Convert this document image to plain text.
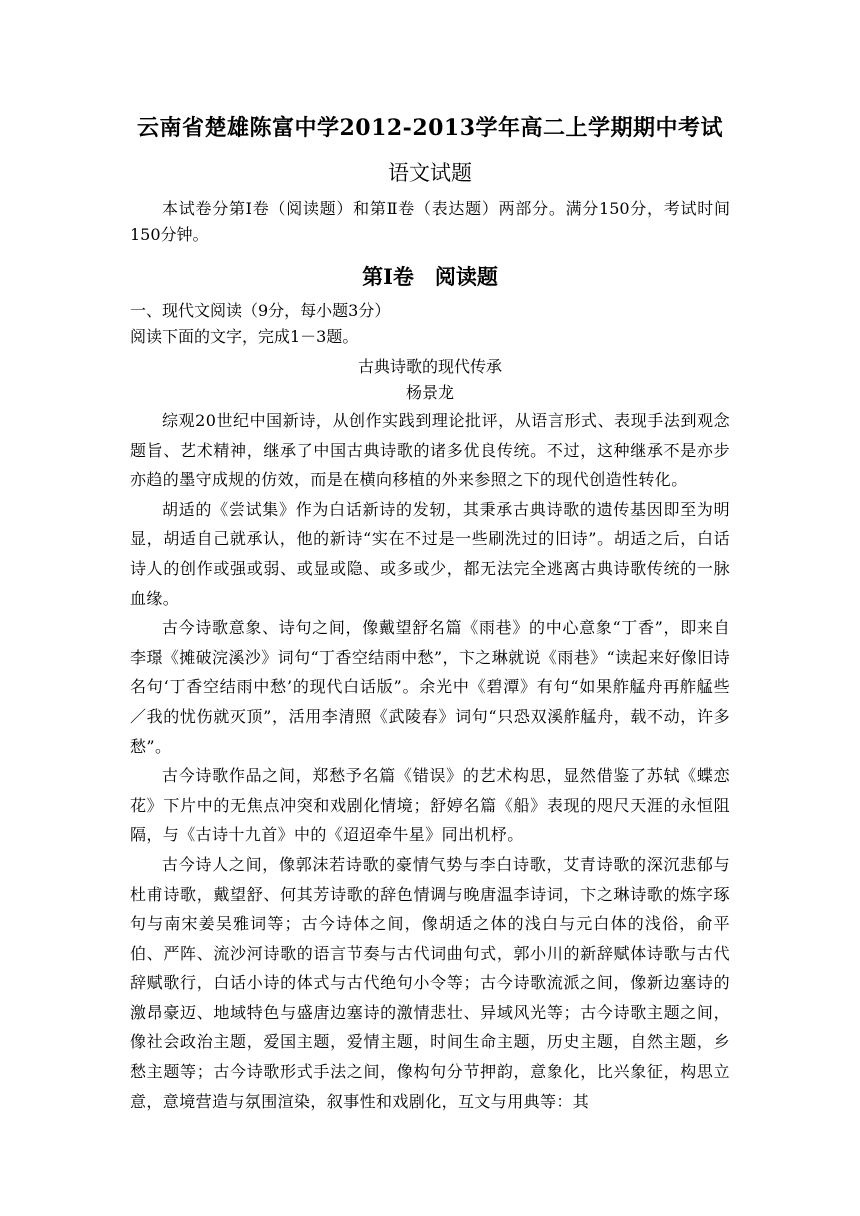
云南省楚雄陈富中学2012-2013学年高二上学期期中考试
语文试题

本试卷分第Ⅰ卷（阅读题）和第Ⅱ卷（表达题）两部分。满分150分，考试时间150分钟。

第Ⅰ卷　阅读题

一、现代文阅读（9分，每小题3分）

阅读下面的文字，完成1－3题。

古典诗歌的现代传承
杨景龙

综观20世纪中国新诗，从创作实践到理论批评，从语言形式、表现手法到观念题旨、艺术精神，继承了中国古典诗歌的诸多优良传统。不过，这种继承不是亦步亦趋的墨守成规的仿效，而是在横向移植的外来参照之下的现代创造性转化。

胡适的《尝试集》作为白话新诗的发轫，其秉承古典诗歌的遗传基因即至为明显，胡适自己就承认，他的新诗“实在不过是一些刷洗过的旧诗”。胡适之后，白话诗人的创作或强或弱、或显或隐、或多或少，都无法完全逃离古典诗歌传统的一脉血缘。

古今诗歌意象、诗句之间，像戴望舒名篇《雨巷》的中心意象“丁香”，即来自李璟《摊破浣溪沙》词句“丁香空结雨中愁”，卞之琳就说《雨巷》“读起来好像旧诗名句‘丁香空结雨中愁’的现代白话版”。余光中《碧潭》有句“如果舴艋舟再舴艋些／我的忧伤就灭顶”，活用李清照《武陵春》词句“只恐双溪舴艋舟，载不动，许多愁”。

古今诗歌作品之间，郑愁予名篇《错误》的艺术构思，显然借鉴了苏轼《蝶恋花》下片中的无焦点冲突和戏剧化情境；舒婷名篇《船》表现的咫尺天涯的永恒阻隔，与《古诗十九首》中的《迢迢牵牛星》同出机杼。

古今诗人之间，像郭沫若诗歌的豪情气势与李白诗歌，艾青诗歌的深沉悲郁与杜甫诗歌，戴望舒、何其芳诗歌的辞色情调与晚唐温李诗词，卞之琳诗歌的炼字琢句与南宋姜吴雅词等；古今诗体之间，像胡适之体的浅白与元白体的浅俗，俞平伯、严阵、流沙河诗歌的语言节奏与古代词曲句式，郭小川的新辞赋体诗歌与古代辞赋歌行，白话小诗的体式与古代绝句小令等；古今诗歌流派之间，像新边塞诗的激昂豪迈、地域特色与盛唐边塞诗的激情悲壮、异域风光等；古今诗歌主题之间，像社会政治主题，爱国主题，爱情主题，时间生命主题，历史主题，自然主题，乡愁主题等；古今诗歌形式手法之间，像构句分节押韵，意象化，比兴象征，构思立意，意境营造与氛围渲染，叙事性和戏剧化，互文与用典等：其
